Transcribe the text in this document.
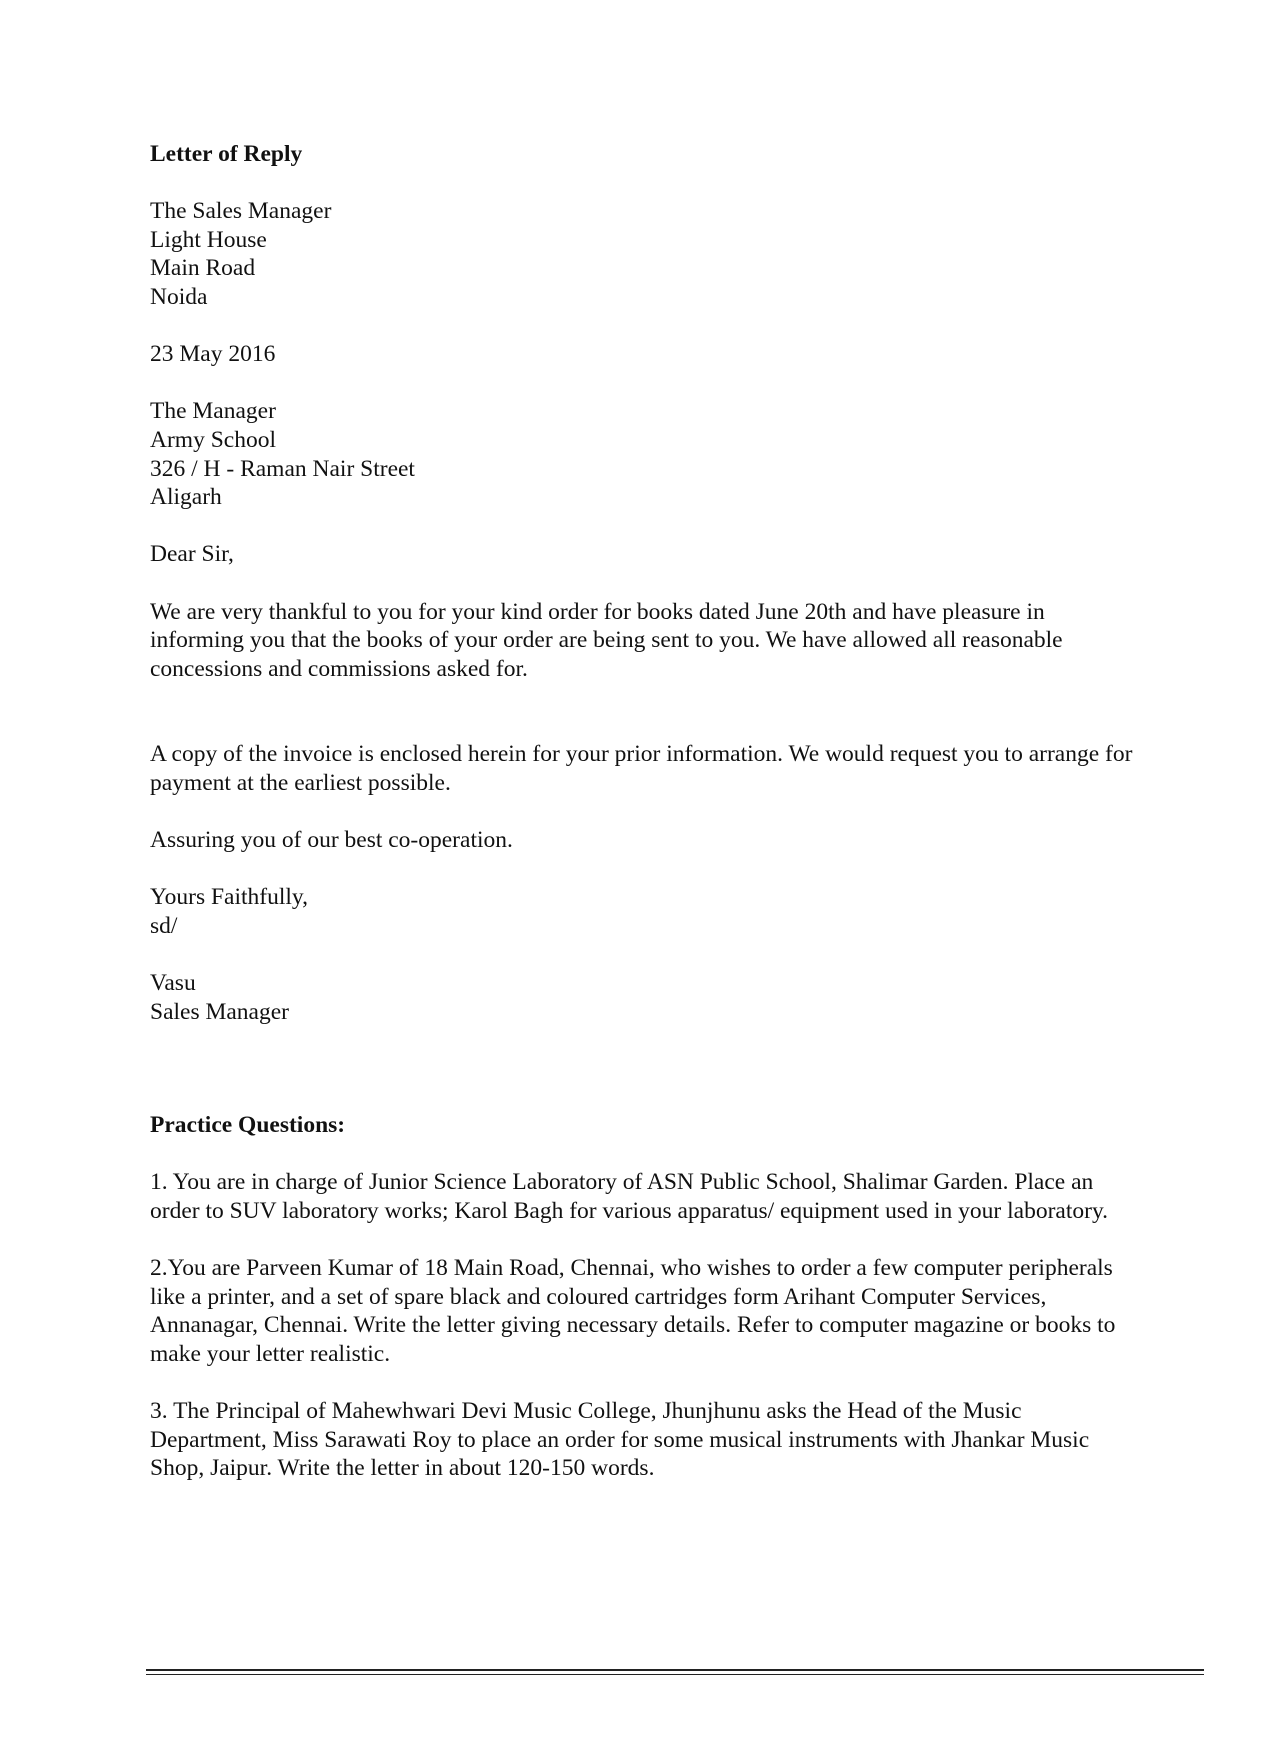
Letter of Reply
The Sales Manager
Light House
Main Road
Noida
23 May 2016
The Manager
Army School
326 / H - Raman Nair Street
Aligarh
Dear Sir,
We are very thankful to you for your kind order for books dated June 20th and have pleasure in
informing you that the books of your order are being sent to you. We have allowed all reasonable
concessions and commissions asked for.
A copy of the invoice is enclosed herein for your prior information. We would request you to arrange for
payment at the earliest possible.
Assuring you of our best co-operation.
Yours Faithfully,
sd/
Vasu
Sales Manager
Practice Questions:
1. You are in charge of Junior Science Laboratory of ASN Public School, Shalimar Garden. Place an
order to SUV laboratory works; Karol Bagh for various apparatus/ equipment used in your laboratory.
2.You are Parveen Kumar of 18 Main Road, Chennai, who wishes to order a few computer peripherals
like a printer, and a set of spare black and coloured cartridges form Arihant Computer Services,
Annanagar, Chennai. Write the letter giving necessary details. Refer to computer magazine or books to
make your letter realistic.
3. The Principal of Mahewhwari Devi Music College, Jhunjhunu asks the Head of the Music
Department, Miss Sarawati Roy to place an order for some musical instruments with Jhankar Music
Shop, Jaipur. Write the letter in about 120-150 words.
